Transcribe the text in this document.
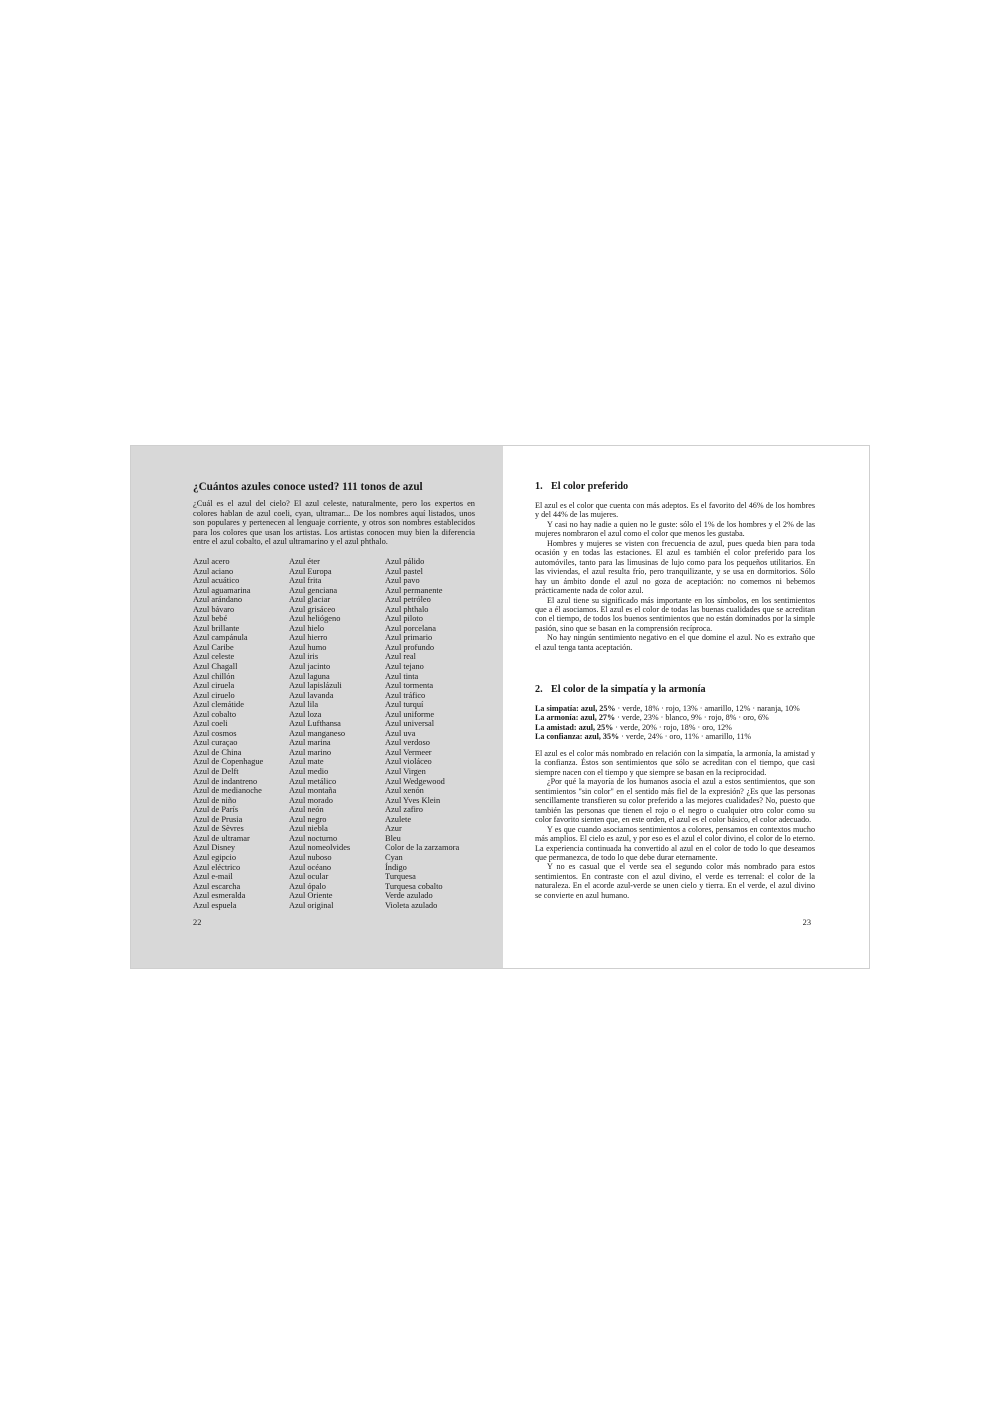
¿Cuántos azules conoce usted? 111 tonos de azul
¿Cuál es el azul del cielo? El azul celeste, naturalmente, pero los expertos en colores hablan de azul coeli, cyan, ultramar... De los nombres aquí listados, unos son populares y pertenecen al lenguaje corriente, y otros son nombres establecidos para los colores que usan los artistas. Los artistas conocen muy bien la diferencia entre el azul cobalto, el azul ultramarino y el azul phthalo.
Azul acero
Azul aciano
Azul acuático
Azul aguamarina
Azul arándano
Azul bávaro
Azul bebé
Azul brillante
Azul campánula
Azul Caribe
Azul celeste
Azul Chagall
Azul chillón
Azul ciruela
Azul ciruelo
Azul clemátide
Azul cobalto
Azul coeli
Azul cosmos
Azul curaçao
Azul de China
Azul de Copenhague
Azul de Delft
Azul de indantreno
Azul de medianoche
Azul de niño
Azul de París
Azul de Prusia
Azul de Sèvres
Azul de ultramar
Azul Disney
Azul egipcio
Azul eléctrico
Azul e-mail
Azul escarcha
Azul esmeralda
Azul espuela
Azul éter
Azul Europa
Azul frita
Azul genciana
Azul glaciar
Azul grisáceo
Azul heliógeno
Azul hielo
Azul hierro
Azul humo
Azul iris
Azul jacinto
Azul laguna
Azul lapislázuli
Azul lavanda
Azul lila
Azul loza
Azul Lufthansa
Azul manganeso
Azul marina
Azul marino
Azul mate
Azul medio
Azul metálico
Azul montaña
Azul morado
Azul neón
Azul negro
Azul niebla
Azul nocturno
Azul nomeolvides
Azul nuboso
Azul océano
Azul ocular
Azul ópalo
Azul Oriente
Azul original
Azul pálido
Azul pastel
Azul pavo
Azul permanente
Azul petróleo
Azul phthalo
Azul piloto
Azul porcelana
Azul primario
Azul profundo
Azul real
Azul tejano
Azul tinta
Azul tormenta
Azul tráfico
Azul turquí
Azul uniforme
Azul universal
Azul uva
Azul verdoso
Azul Vermeer
Azul violáceo
Azul Virgen
Azul Wedgewood
Azul xenón
Azul Yves Klein
Azul zafiro
Azulete
Azur
Bleu
Color de la zarzamora
Cyan
Índigo
Turquesa
Turquesa cobalto
Verde azulado
Violeta azulado
22
1. El color preferido

El azul es el color que cuenta con más adeptos. Es el favorito del 46% de los hombres y del 44% de las mujeres.

Y casi no hay nadie a quien no le guste: sólo el 1% de los hombres y el 2% de las mujeres nombraron el azul como el color que menos les gustaba.

Hombres y mujeres se visten con frecuencia de azul, pues queda bien para toda ocasión y en todas las estaciones. El azul es también el color preferido para los automóviles, tanto para las limusinas de lujo como para los pequeños utilitarios. En las viviendas, el azul resulta frío, pero tranquilizante, y se usa en dormitorios. Sólo hay un ámbito donde el azul no goza de aceptación: no comemos ni bebemos prácticamente nada de color azul.

El azul tiene su significado más importante en los símbolos, en los sentimientos que a él asociamos. El azul es el color de todas las buenas cualidades que se acreditan con el tiempo, de todos los buenos sentimientos que no están dominados por la simple pasión, sino que se basan en la comprensión recíproca.

No hay ningún sentimiento negativo en el que domine el azul. No es extraño que el azul tenga tanta aceptación.

2. El color de la simpatía y la armonía
La simpatía: azul, 25% · verde, 18% · rojo, 13% · amarillo, 12% · naranja, 10%
La armonía: azul, 27% · verde, 23% · blanco, 9% · rojo, 8% · oro, 6%
La amistad: azul, 25% · verde, 20% · rojo, 18% · oro, 12%
La confianza: azul, 35% · verde, 24% · oro, 11% · amarillo, 11%

El azul es el color más nombrado en relación con la simpatía, la armonía, la amistad y la confianza. Éstos son sentimientos que sólo se acreditan con el tiempo, que casi siempre nacen con el tiempo y que siempre se basan en la reciprocidad.

¿Por qué la mayoría de los humanos asocia el azul a estos sentimientos, que son sentimientos "sin color" en el sentido más fiel de la expresión? ¿Es que las personas sencillamente transfieren su color preferido a las mejores cualidades? No, puesto que también las personas que tienen el rojo o el negro o cualquier otro color como su color favorito sienten que, en este orden, el azul es el color básico, el color adecuado.

Y es que cuando asociamos sentimientos a colores, pensamos en contextos mucho más amplios. El cielo es azul, y por eso es el azul el color divino, el color de lo eterno. La experiencia continuada ha convertido al azul en el color de todo lo que deseamos que permanezca, de todo lo que debe durar eternamente.

Y no es casual que el verde sea el segundo color más nombrado para estos sentimientos. En contraste con el azul divino, el verde es terrenal: el color de la naturaleza. En el acorde azul-verde se unen cielo y tierra. En el verde, el azul divino se convierte en azul humano.

23
